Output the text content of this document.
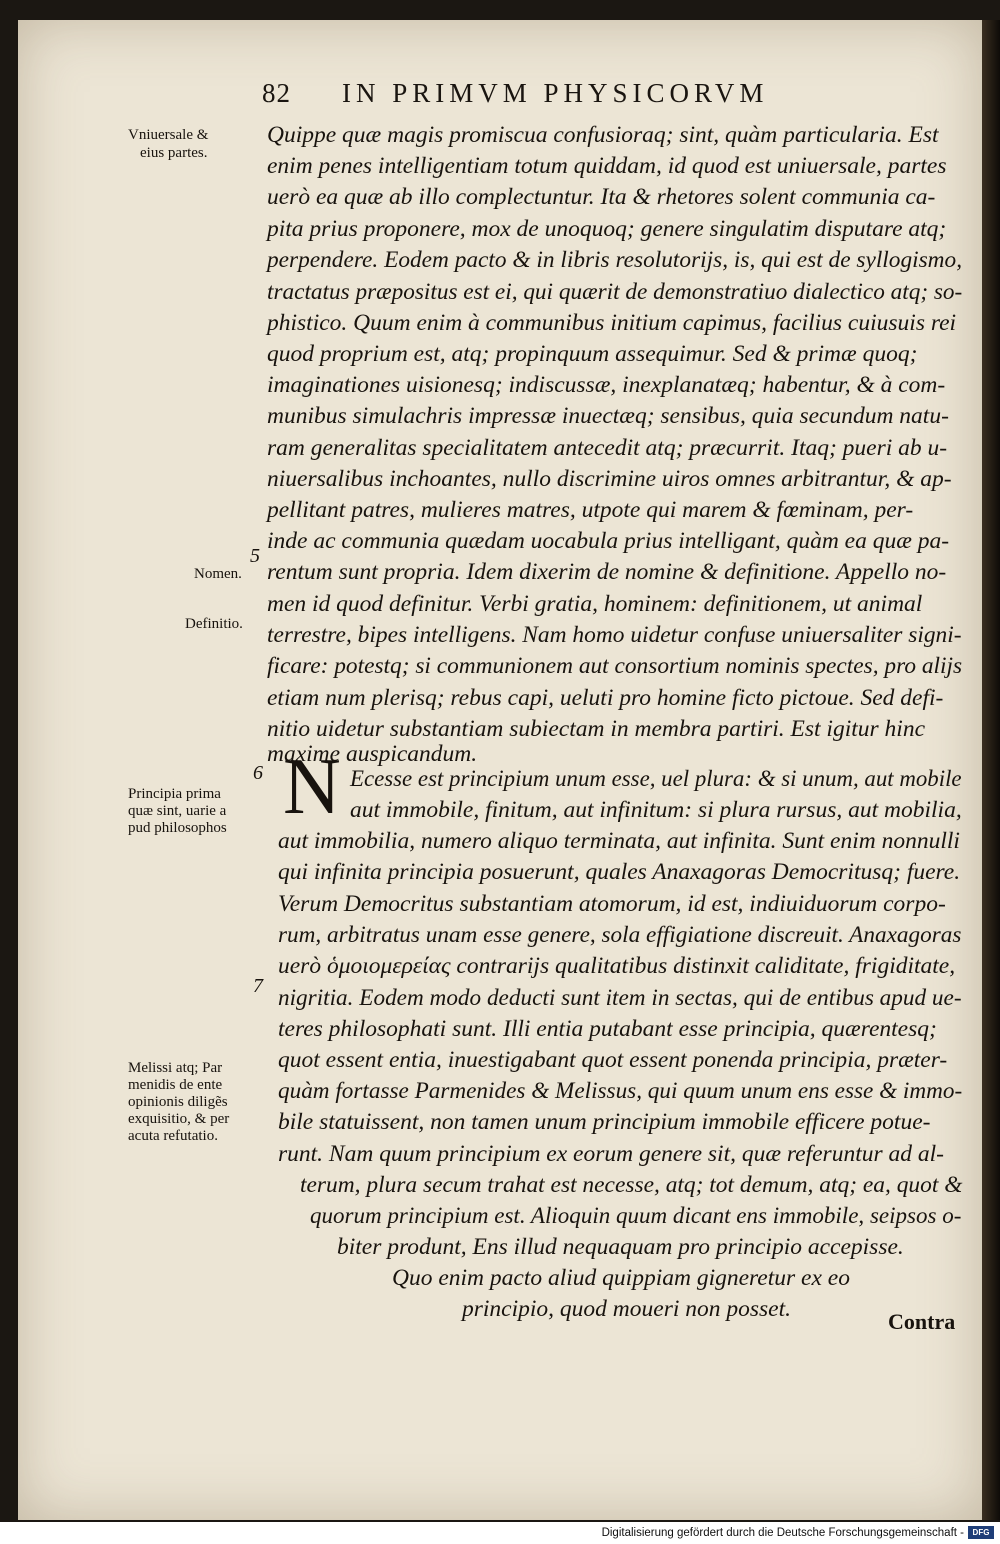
82 IN PRIMVM PHYSICORVM
Vniuersale &
eius partes.
5
Nomen.
Definitio.
6
Principia prima
quæ sint, uarie a
pud philosophos
7
Melissi atq; Par
menidis de ente
opinionis diligẽs
exquisitio, & per
acuta refutatio.
Quippe quæ magis promiscua confusioraq; sint, quàm particularia. Est
enim penes intelligentiam totum quiddam, id quod est uniuersale, partes
uerò ea quæ ab illo complectuntur. Ita & rhetores solent communia ca-
pita prius proponere, mox de unoquoq; genere singulatim disputare atq;
perpendere. Eodem pacto & in libris resolutorijs, is, qui est de syllogismo,
tractatus præpositus est ei, qui quærit de demonstratiuo dialectico atq; so-
phistico. Quum enim à communibus initium capimus, facilius cuiusuis rei
quod proprium est, atq; propinquum assequimur. Sed & primæ quoq;
imaginationes uisionesq; indiscussæ, inexplanatæq; habentur, & à com-
munibus simulachris impressæ inuectæq; sensibus, quia secundum natu-
ram generalitas specialitatem antecedit atq; præcurrit. Itaq; pueri ab u-
niuersalibus inchoantes, nullo discrimine uiros omnes arbitrantur, & ap-
pellitant patres, mulieres matres, utpote qui marem & fœminam, per-
inde ac communia quædam uocabula prius intelligant, quàm ea quæ pa-
rentum sunt propria. Idem dixerim de nomine & definitione. Appello no-
men id quod definitur. Verbi gratia, hominem: definitionem, ut animal
terrestre, bipes intelligens. Nam homo uidetur confuse uniuersaliter signi-
ficare: potestq; si communionem aut consortium nominis spectes, pro alijs
etiam num plerisq; rebus capi, ueluti pro homine ficto pictoue. Sed defi-
nitio uidetur substantiam subiectam in membra partiri. Est igitur hinc
maxime auspicandum.
N Ecesse est principium unum esse, uel plura: & si unum, aut mobile
aut immobile, finitum, aut infinitum: si plura rursus, aut mobilia,
aut immobilia, numero aliquo terminata, aut infinita. Sunt enim nonnulli
qui infinita principia posuerunt, quales Anaxagoras Democritusq; fuere.
Verum Democritus substantiam atomorum, id est, indiuiduorum corpo-
rum, arbitratus unam esse genere, sola effigiatione discreuit. Anaxagoras
uerò ὁμοιομερείας contrarijs qualitatibus distinxit caliditate, frigiditate,
nigritia. Eodem modo deducti sunt item in sectas, qui de entibus apud ue-
teres philosophati sunt. Illi entia putabant esse principia, quærentesq;
quot essent entia, inuestigabant quot essent ponenda principia, præter-
quàm fortasse Parmenides & Melissus, qui quum unum ens esse & immo-
bile statuissent, non tamen unum principium immobile efficere potue-
runt. Nam quum principium ex eorum genere sit, quæ referuntur ad al-
terum, plura secum trahat est necesse, atq; tot demum, atq; ea, quot &
quorum principium est. Alioquin quum dicant ens immobile, seipsos o-
biter produnt, Ens illud nequaquam pro principio accepisse.
Quo enim pacto aliud quippiam gigneretur ex eo
principio, quod moueri non posset.	Contra
Digitalisierung gefördert durch die Deutsche Forschungsgemeinschaft -	DFG
